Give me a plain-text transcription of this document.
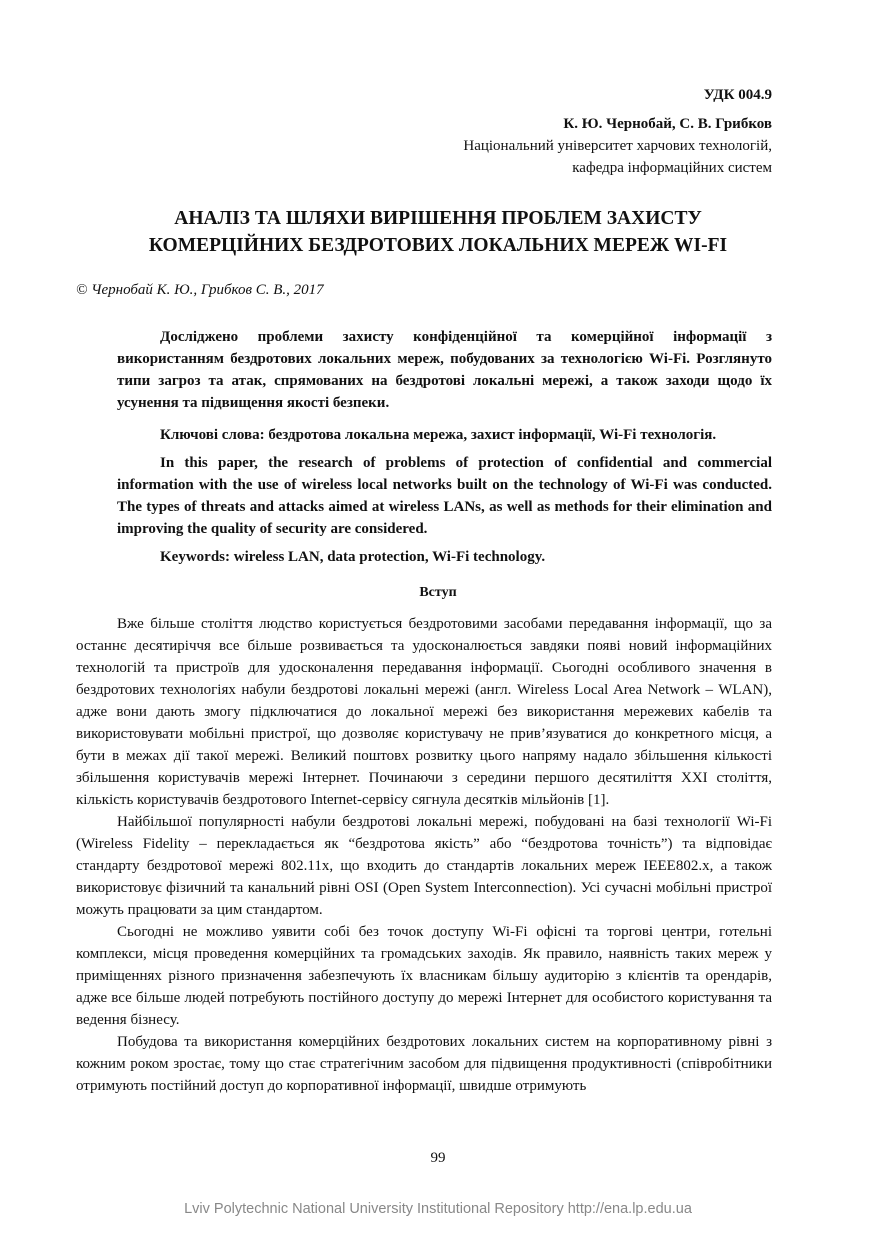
УДК 004.9
К. Ю. Чернобай, С. В. Грибков
Національний університет харчових технологій,
кафедра інформаційних систем
АНАЛІЗ ТА ШЛЯХИ ВИРІШЕННЯ ПРОБЛЕМ ЗАХИСТУ
КОМЕРЦІЙНИХ БЕЗДРОТОВИХ ЛОКАЛЬНИХ МЕРЕЖ WI-FI
© Чернобай К. Ю., Грибков С. В., 2017
Досліджено проблеми захисту конфіденційної та комерційної інформації з використанням бездротових локальних мереж, побудованих за технологією Wi-Fi. Розглянуто типи загроз та атак, спрямованих на бездротові локальні мережі, а також заходи щодо їх усунення та підвищення якості безпеки.
Ключові слова: бездротова локальна мережа, захист інформації, Wi-Fi технологія.
In this paper, the research of problems of protection of confidential and commercial information with the use of wireless local networks built on the technology of Wi-Fi was conducted. The types of threats and attacks aimed at wireless LANs, as well as methods for their elimination and improving the quality of security are considered.
Keywords: wireless LAN, data protection, Wi-Fi technology.
Вступ

Вже більше століття людство користується бездротовими засобами передавання інформації, що за останнє десятиріччя все більше розвивається та удосконалюється завдяки появі новий інформаційних технологій та пристроїв для удосконалення передавання інформації. Сьогодні особливого значення в бездротових технологіях набули бездротові локальні мережі (англ. Wireless Local Area Network – WLAN), адже вони дають змогу підключатися до локальної мережі без використання мережевих кабелів та використовувати мобільні пристрої, що дозволяє користувачу не прив’язуватися до конкретного місця, а бути в межах дії такої мережі. Великий поштовх розвитку цього напряму надало збільшення кількості збільшення користувачів мережі Інтернет. Починаючи з середини першого десятиліття XXI століття, кількість користувачів бездротового Internet-сервісу сягнула десятків мільйонів [1].

Найбільшої популярності набули бездротові локальні мережі, побудовані на базі технології Wi-Fi (Wireless Fidelity – перекладається як “бездротова якість” або “бездротова точність”) та відповідає стандарту бездротової мережі 802.11x, що входить до стандартів локальних мереж IEEE802.x, а також використовує фізичний та канальний рівні OSI (Open System Interconnection). Усі сучасні мобільні пристрої можуть працювати за цим стандартом.

Сьогодні не можливо уявити собі без точок доступу Wi-Fi офісні та торгові центри, готельні комплекси, місця проведення комерційних та громадських заходів. Як правило, наявність таких мереж у приміщеннях різного призначення забезпечують їх власникам більшу аудиторію з клієнтів та орендарів, адже все більше людей потребують постійного доступу до мережі Інтернет для особистого користування та ведення бізнесу.

Побудова та використання комерційних бездротових локальних систем на корпоративному рівні з кожним роком зростає, тому що стає стратегічним засобом для підвищення продуктивності (співробітники отримують постійний доступ до корпоративної інформації, швидше отримують

99
Lviv Polytechnic National University Institutional Repository http://ena.lp.edu.ua
